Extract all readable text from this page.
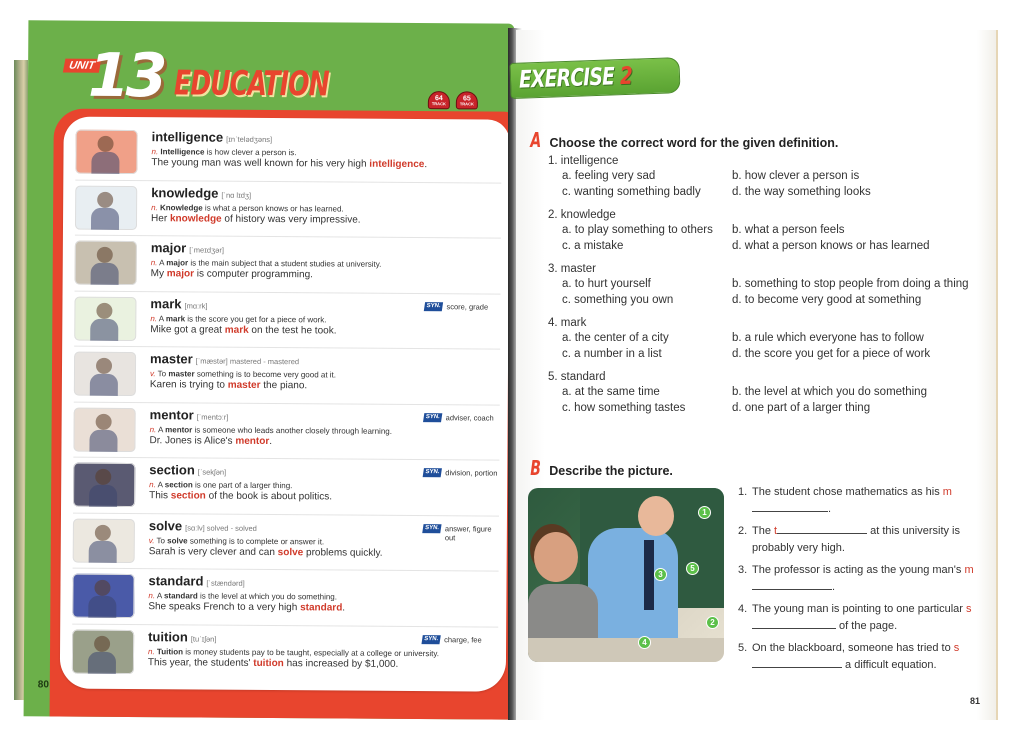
UNIT
13 EDUCATION	64
TRACK
65
TRACK
intelligence [ɪnˈtelədʒəns]
n. Intelligence is how clever a person is.
The young man was well known for his very high intelligence.
knowledge [ˈnɑ lɪdʒ]
n. Knowledge is what a person knows or has learned.
Her knowledge of history was very impressive.
major [ˈmeɪdʒər]
n. A major is the main subject that a student studies at university.
My major is computer programming.
mark [mɑːrk]
n. A mark is the score you get for a piece of work.
Mike got a great mark on the test he took.
SYN. score, grade
master [ˈmæstər] mastered - mastered
v. To master something is to become very good at it.
Karen is trying to master the piano.
mentor [ˈmentɔːr]
n. A mentor is someone who leads another closely through learning.
Dr. Jones is Alice's mentor.
SYN. adviser, coach
section [ˈsekʃən]
n. A section is one part of a larger thing.
This section of the book is about politics.
SYN. division, portion
solve [sɑːlv] solved - solved
v. To solve something is to complete or answer it.
Sarah is very clever and can solve problems quickly.
SYN. answer, figure out
standard [ˈstændərd]
n. A standard is the level at which you do something.
She speaks French to a very high standard.
tuition [tuˈɪʃən]
n. Tuition is money students pay to be taught, especially at a college or university.
This year, the students' tuition has increased by $1,000.
SYN. charge, fee
80
EXERCISE 2
A Choose the correct word for the given definition.
1. intelligence
a. feeling very sad	b. how clever a person is
c. wanting something badly	d. the way something looks
2. knowledge
a. to play something to others	b. what a person feels
c. a mistake	d. what a person knows or has learned
3. master
a. to hurt yourself	b. something to stop people from doing a thing
c. something you own	d. to become very good at something
4. mark
a. the center of a city	b. a rule which everyone has to follow
c. a number in a list	d. the score you get for a piece of work
5. standard
a. at the same time	b. the level at which you do something
c. how something tastes	d. one part of a larger thing
B Describe the picture.
1
2
3
4
5
1. The student chose mathematics as his m.
2. The t	at this university is probably very high.
3. The professor is acting as the young man's m.
4. The young man is pointing to one particular s of the page.
5. On the blackboard, someone has tried to s a difficult equation.
81
